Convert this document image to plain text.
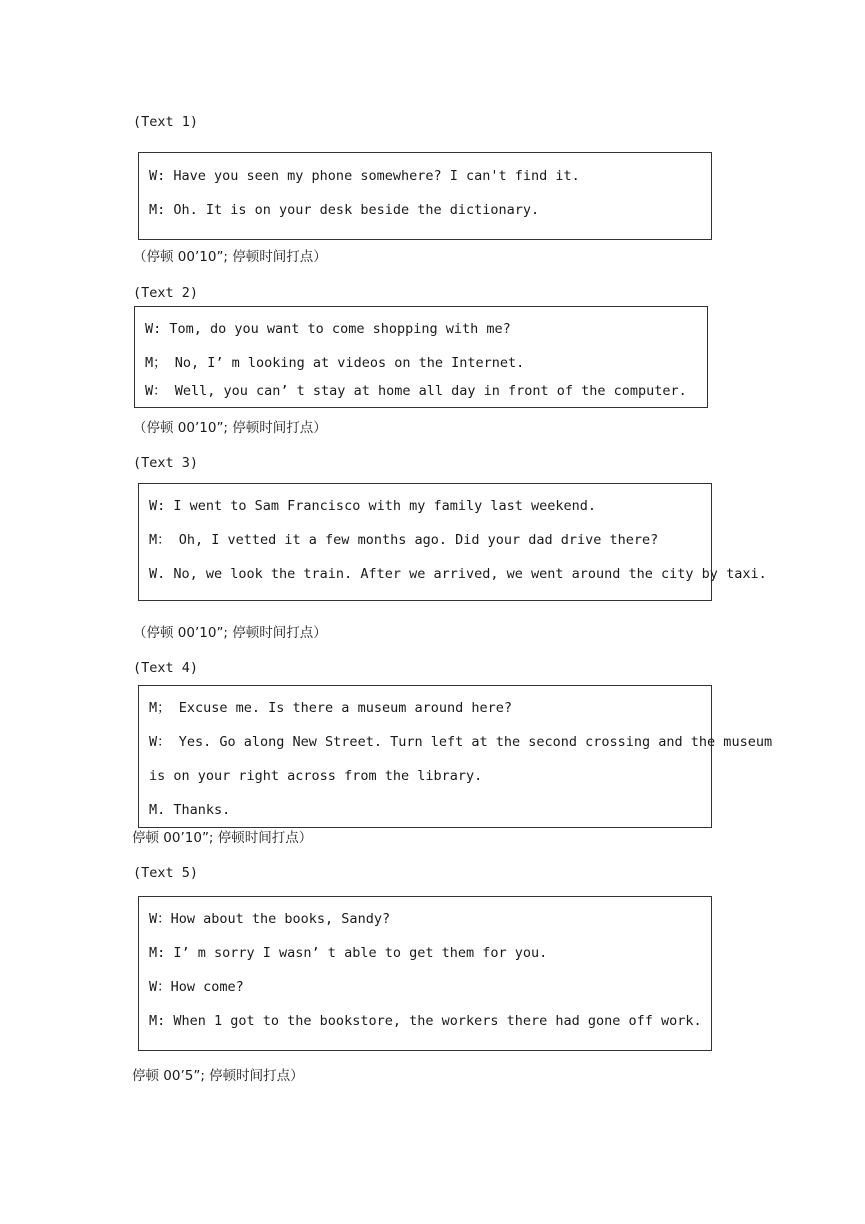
(Text 1)
W: Have you seen my phone somewhere? I can't find it.
M: Oh. It is on your desk beside the dictionary.
（停顿 00’10”; 停顿时间打点）
(Text 2)
W: Tom, do you want to come shopping with me?
M； No, I’ m looking at videos on the Internet.
W： Well, you can’ t stay at home all day in front of the computer.
（停顿 00’10”; 停顿时间打点）
(Text 3)
W: I went to Sam Francisco with my family last weekend.
M： Oh, I vetted it a few months ago. Did your dad drive there?
W. No, we look the train. After we arrived, we went around the city by taxi.
（停顿 00’10”; 停顿时间打点）
(Text 4)
M； Excuse me. Is there a museum around here?
W： Yes. Go along New Street. Turn left at the second crossing and the museum
is on your right across from the library.
M. Thanks.
停顿 00’10”; 停顿时间打点）
(Text 5)
W：How about the books, Sandy?
M: I’ m sorry I wasn’ t able to get them for you.
W：How come?
M: When 1 got to the bookstore, the workers there had gone off work.
停顿 00’5”; 停顿时间打点）
